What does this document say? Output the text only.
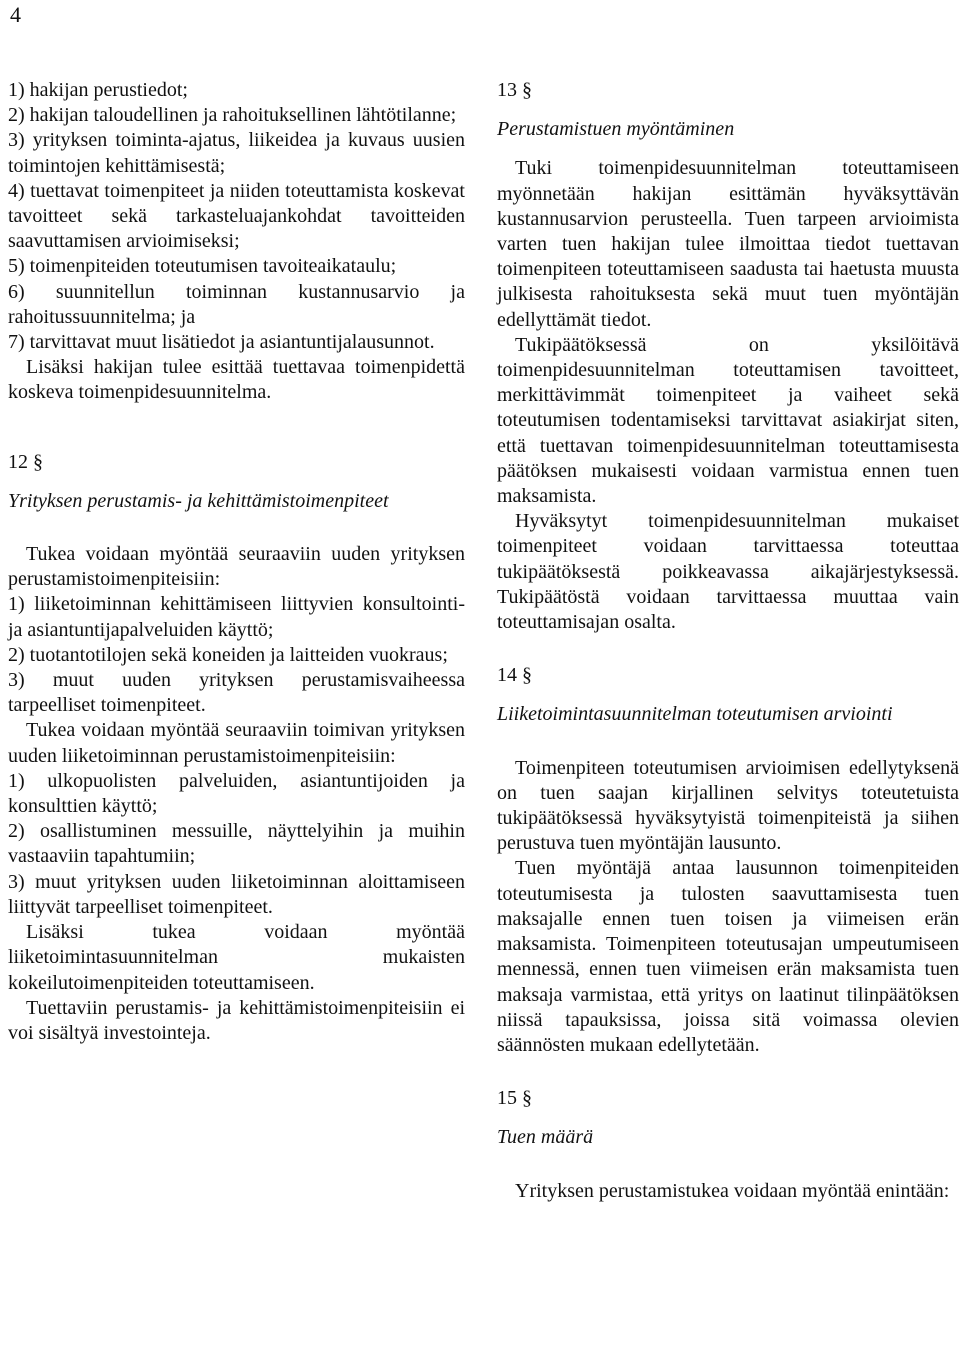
4

1) hakijan perustiedot;

2) hakijan taloudellinen ja rahoituksellinen lähtötilanne;

3) yrityksen toiminta-ajatus, liikeidea ja kuvaus uusien toimintojen kehittämisestä;

4) tuettavat toimenpiteet ja niiden toteuttamista koskevat tavoitteet sekä tarkasteluajankohdat tavoitteiden saavuttamisen arvioimiseksi;

5) toimenpiteiden toteutumisen tavoiteaikataulu;

6) suunnitellun toiminnan kustannusarvio ja rahoitussuunnitelma; ja

7) tarvittavat muut lisätiedot ja asiantuntijalausunnot.

Lisäksi hakijan tulee esittää tuettavaa toimenpidettä koskeva toimenpidesuunnitelma.

12 §

Yrityksen perustamis- ja kehittämistoimenpiteet

Tukea voidaan myöntää seuraaviin uuden yrityksen perustamistoimenpiteisiin:

1) liiketoiminnan kehittämiseen liittyvien konsultointi- ja asiantuntijapalveluiden käyttö;

2) tuotantotilojen sekä koneiden ja laitteiden vuokraus;

3) muut uuden yrityksen perustamisvaiheessa tarpeelliset toimenpiteet.

Tukea voidaan myöntää seuraaviin toimivan yrityksen uuden liiketoiminnan perustamistoimenpiteisiin:

1) ulkopuolisten palveluiden, asiantuntijoiden ja konsulttien käyttö;

2) osallistuminen messuille, näyttelyihin ja muihin vastaaviin tapahtumiin;

3) muut yrityksen uuden liiketoiminnan aloittamiseen liittyvät tarpeelliset toimenpiteet.

Lisäksi tukea voidaan myöntää liiketoimintasuunnitelman mukaisten kokeilutoimenpiteiden toteuttamiseen.

Tuettaviin perustamis- ja kehittämistoimenpiteisiin ei voi sisältyä investointeja.

13 §

Perustamistuen myöntäminen

Tuki toimenpidesuunnitelman toteuttamiseen myönnetään hakijan esittämän hyväksyttävän kustannusarvion perusteella. Tuen tarpeen arvioimista varten tuen hakijan tulee ilmoittaa tiedot tuettavan toimenpiteen toteuttamiseen saadusta tai haetusta muusta julkisesta rahoituksesta sekä muut tuen myöntäjän edellyttämät tiedot.

Tukipäätöksessä on yksilöitävä toimenpidesuunnitelman toteuttamisen tavoitteet, merkittävimmät toimenpiteet ja vaiheet sekä toteutumisen todentamiseksi tarvittavat asiakirjat siten, että tuettavan toimenpidesuunnitelman toteuttamisesta päätöksen mukaisesti voidaan varmistua ennen tuen maksamista.

Hyväksytyt toimenpidesuunnitelman mukaiset toimenpiteet voidaan tarvittaessa toteuttaa tukipäätöksestä poikkeavassa aikajärjestyksessä. Tukipäätöstä voidaan tarvittaessa muuttaa vain toteuttamisajan osalta.

14 §

Liiketoimintasuunnitelman toteutumisen arviointi

Toimenpiteen toteutumisen arvioimisen edellytyksenä on tuen saajan kirjallinen selvitys toteutetuista tukipäätöksessä hyväksytyistä toimenpiteistä ja siihen perustuva tuen myöntäjän lausunto.

Tuen myöntäjä antaa lausunnon toimenpiteiden toteutumisesta ja tulosten saavuttamisesta tuen maksajalle ennen tuen toisen ja viimeisen erän maksamista. Toimenpiteen toteutusajan umpeutumiseen mennessä, ennen tuen viimeisen erän maksamista tuen maksaja varmistaa, että yritys on laatinut tilinpäätöksen niissä tapauksissa, joissa sitä voimassa olevien säännösten mukaan edellytetään.

15 §

Tuen määrä

Yrityksen perustamistukea voidaan myöntää enintään:
